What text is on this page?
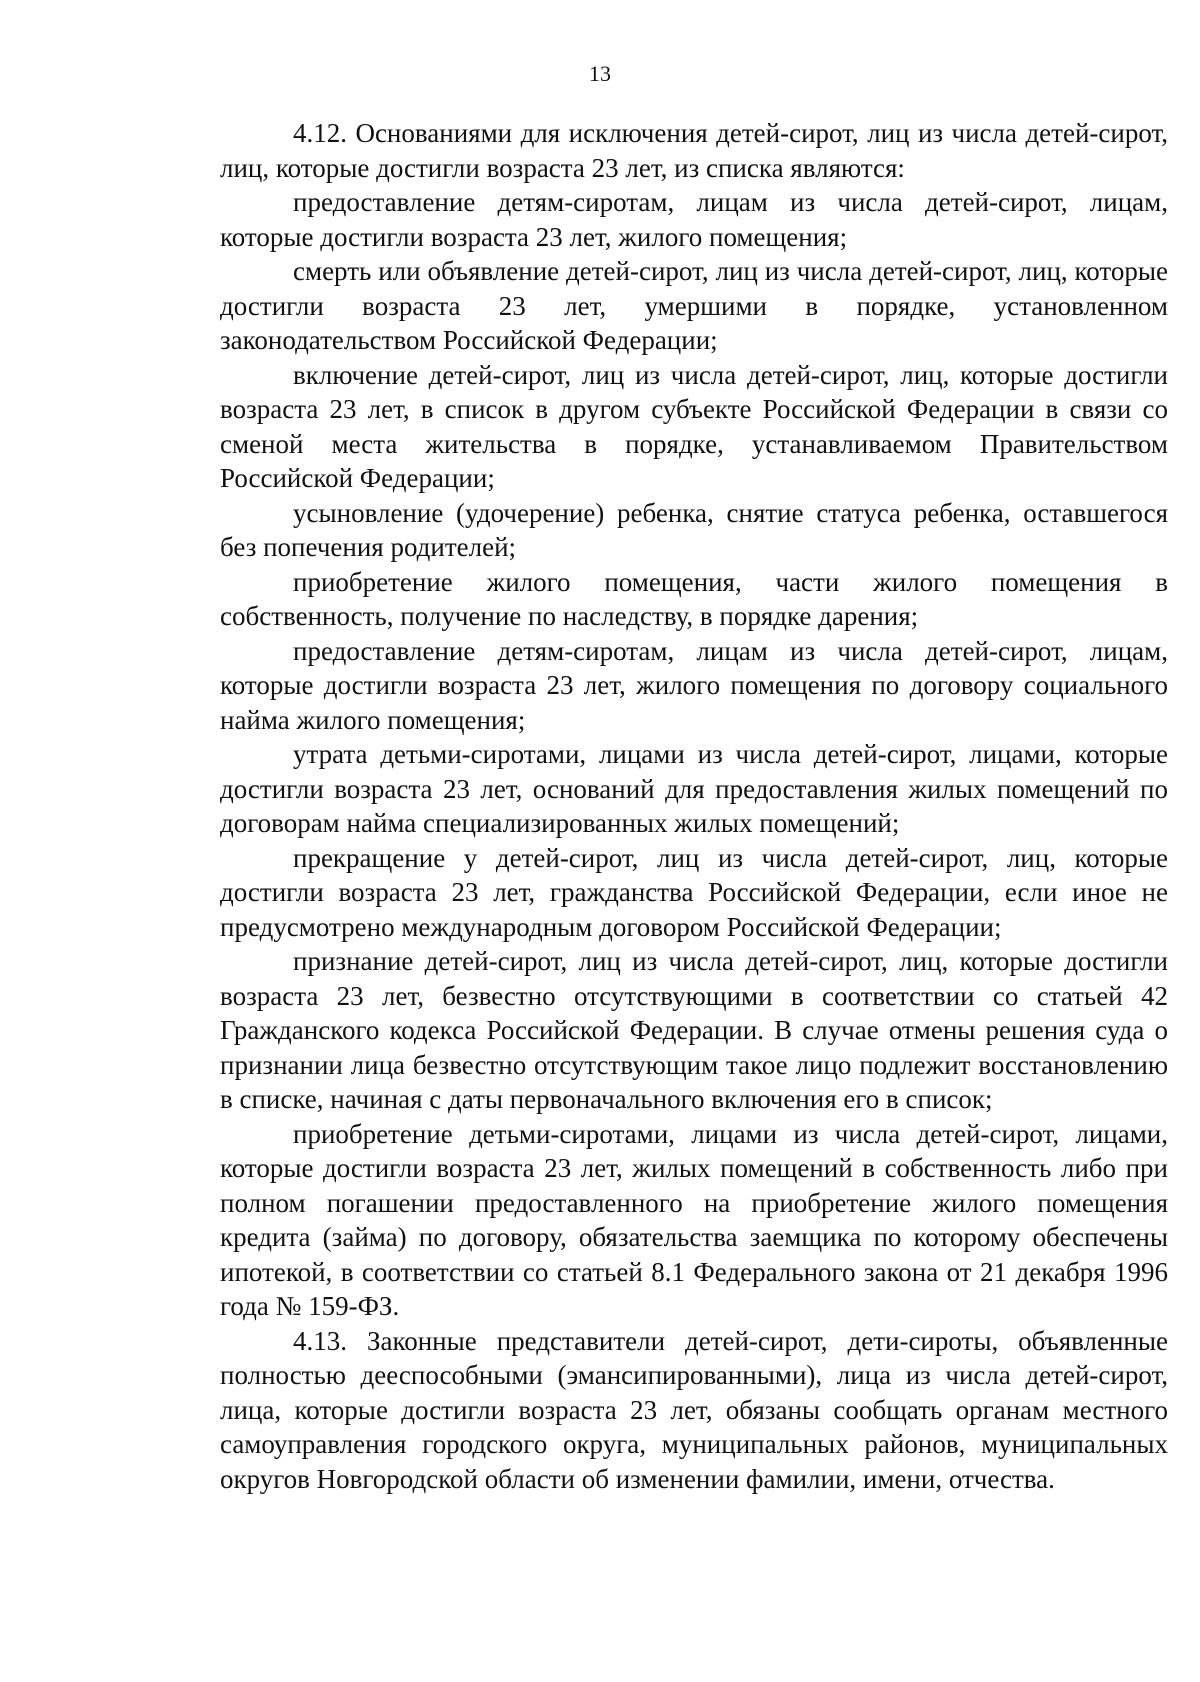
13

4.12. Основаниями для исключения детей-сирот, лиц из числа детей-сирот, лиц, которые достигли возраста 23 лет, из списка являются:

предоставление детям-сиротам, лицам из числа детей-сирот, лицам, которые достигли возраста 23 лет, жилого помещения;

смерть или объявление детей-сирот, лиц из числа детей-сирот, лиц, которые достигли возраста 23 лет, умершими в порядке, установленном законодательством Российской Федерации;

включение детей-сирот, лиц из числа детей-сирот, лиц, которые достигли возраста 23 лет, в список в другом субъекте Российской Федерации в связи со сменой места жительства в порядке, устанавливаемом Правительством Российской Федерации;

усыновление (удочерение) ребенка, снятие статуса ребенка, оставшегося без попечения родителей;

приобретение жилого помещения, части жилого помещения в собственность, получение по наследству, в порядке дарения;

предоставление детям-сиротам, лицам из числа детей-сирот, лицам, которые достигли возраста 23 лет, жилого помещения по договору социального найма жилого помещения;

утрата детьми-сиротами, лицами из числа детей-сирот, лицами, которые достигли возраста 23 лет, оснований для предоставления жилых помещений по договорам найма специализированных жилых помещений;

прекращение у детей-сирот, лиц из числа детей-сирот, лиц, которые достигли возраста 23 лет, гражданства Российской Федерации, если иное не предусмотрено международным договором Российской Федерации;

признание детей-сирот, лиц из числа детей-сирот, лиц, которые достигли возраста 23 лет, безвестно отсутствующими в соответствии со статьей 42 Гражданского кодекса Российской Федерации. В случае отмены решения суда о признании лица безвестно отсутствующим такое лицо подлежит восстановлению в списке, начиная с даты первоначального включения его в список;

приобретение детьми-сиротами, лицами из числа детей-сирот, лицами, которые достигли возраста 23 лет, жилых помещений в собственность либо при полном погашении предоставленного на приобретение жилого помещения кредита (займа) по договору, обязательства заемщика по которому обеспечены ипотекой, в соответствии со статьей 8.1 Федерального закона от 21 декабря 1996 года № 159-ФЗ.

4.13. Законные представители детей-сирот, дети-сироты, объявленные полностью дееспособными (эмансипированными), лица из числа детей-сирот, лица, которые достигли возраста 23 лет, обязаны сообщать органам местного самоуправления городского округа, муниципальных районов, муниципальных округов Новгородской области об изменении фамилии, имени, отчества.
